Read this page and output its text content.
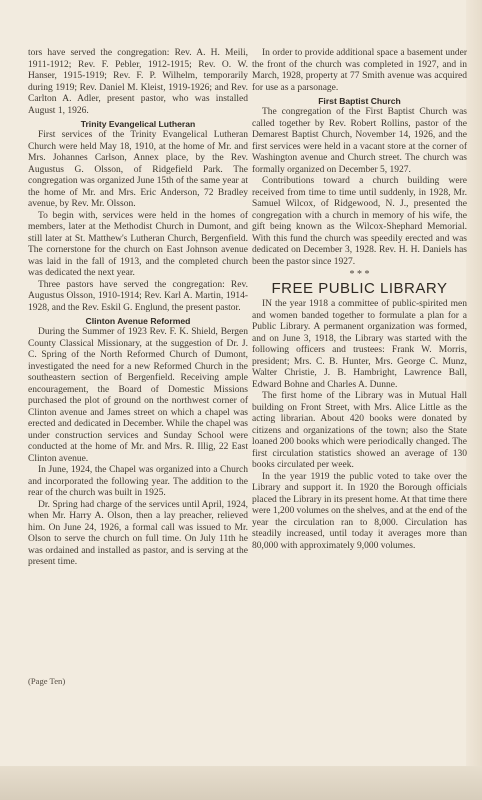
tors have served the congregation: Rev. A. H. Meili, 1911-1912; Rev. F. Pebler, 1912-1915; Rev. O. W. Hanser, 1915-1919; Rev. F. P. Wilhelm, temporarily during 1919; Rev. Daniel M. Kleist, 1919-1926; and Rev. Carlton A. Adler, present pastor, who was installed August 1, 1926.

Trinity Evangelical Lutheran

First services of the Trinity Evangelical Lutheran Church were held May 18, 1910, at the home of Mr. and Mrs. Johannes Carlson, Annex place, by the Rev. Augustus G. Olsson, of Ridgefield Park. The congregation was organized June 15th of the same year at the home of Mr. and Mrs. Eric Anderson, 72 Bradley avenue, by Rev. Mr. Olsson.

To begin with, services were held in the homes of members, later at the Methodist Church in Dumont, and still later at St. Matthew's Lutheran Church, Bergenfield. The cornerstone for the church on East Johnson avenue was laid in the fall of 1913, and the completed church was dedicated the next year.

Three pastors have served the congregation: Rev. Augustus Olsson, 1910-1914; Rev. Karl A. Martin, 1914-1928, and the Rev. Eskil G. Englund, the present pastor.

Clinton Avenue Reformed

During the Summer of 1923 Rev. F. K. Shield, Bergen County Classical Missionary, at the suggestion of Dr. J. C. Spring of the North Reformed Church of Dumont, investigated the need for a new Reformed Church in the southeastern section of Bergenfield. Receiving ample encouragement, the Board of Domestic Missions purchased the plot of ground on the northwest corner of Clinton avenue and James street on which a chapel was erected and dedicated in December. While the chapel was under construction services and Sunday School were conducted at the home of Mr. and Mrs. R. Illig, 22 East Clinton avenue.

In June, 1924, the Chapel was organized into a Church and incorporated the following year. The addition to the rear of the church was built in 1925.

Dr. Spring had charge of the services until April, 1924, when Mr. Harry A. Olson, then a lay preacher, relieved him. On June 24, 1926, a formal call was issued to Mr. Olson to serve the church on full time. On July 11th he was ordained and installed as pastor, and is serving at the present time.

In order to provide additional space a basement under the front of the church was completed in 1927, and in March, 1928, property at 77 Smith avenue was acquired for use as a parsonage.

First Baptist Church

The congregation of the First Baptist Church was called together by Rev. Robert Rollins, pastor of the Demarest Baptist Church, November 14, 1926, and the first services were held in a vacant store at the corner of Washington avenue and Church street. The church was formally organized on December 5, 1927.

Contributions toward a church building were received from time to time until suddenly, in 1928, Mr. Samuel Wilcox, of Ridgewood, N. J., presented the congregation with a church in memory of his wife, the gift being known as the Wilcox-Shephard Memorial. With this fund the church was speedily erected and was dedicated on December 3, 1928. Rev. H. H. Daniels has been the pastor since 1927.

* * *
FREE PUBLIC LIBRARY

IN the year 1918 a committee of public-spirited men and women banded together to formulate a plan for a Public Library. A permanent organization was formed, and on June 3, 1918, the Library was started with the following officers and trustees: Frank W. Morris, president; Mrs. C. B. Hunter, Mrs. George C. Munz, Walter Christie, J. B. Hambright, Lawrence Ball, Edward Bohne and Charles A. Dunne.

The first home of the Library was in Mutual Hall building on Front Street, with Mrs. Alice Little as the acting librarian. About 420 books were donated by citizens and organizations of the town; also the State loaned 200 books which were periodically changed. The first circulation statistics showed an average of 130 books circulated per week.

In the year 1919 the public voted to take over the Library and support it. In 1920 the Borough officials placed the Library in its present home. At that time there were 1,200 volumes on the shelves, and at the end of the year the circulation ran to 8,000. Circulation has steadily increased, until today it averages more than 80,000 with approximately 9,000 volumes.

(Page Ten)
